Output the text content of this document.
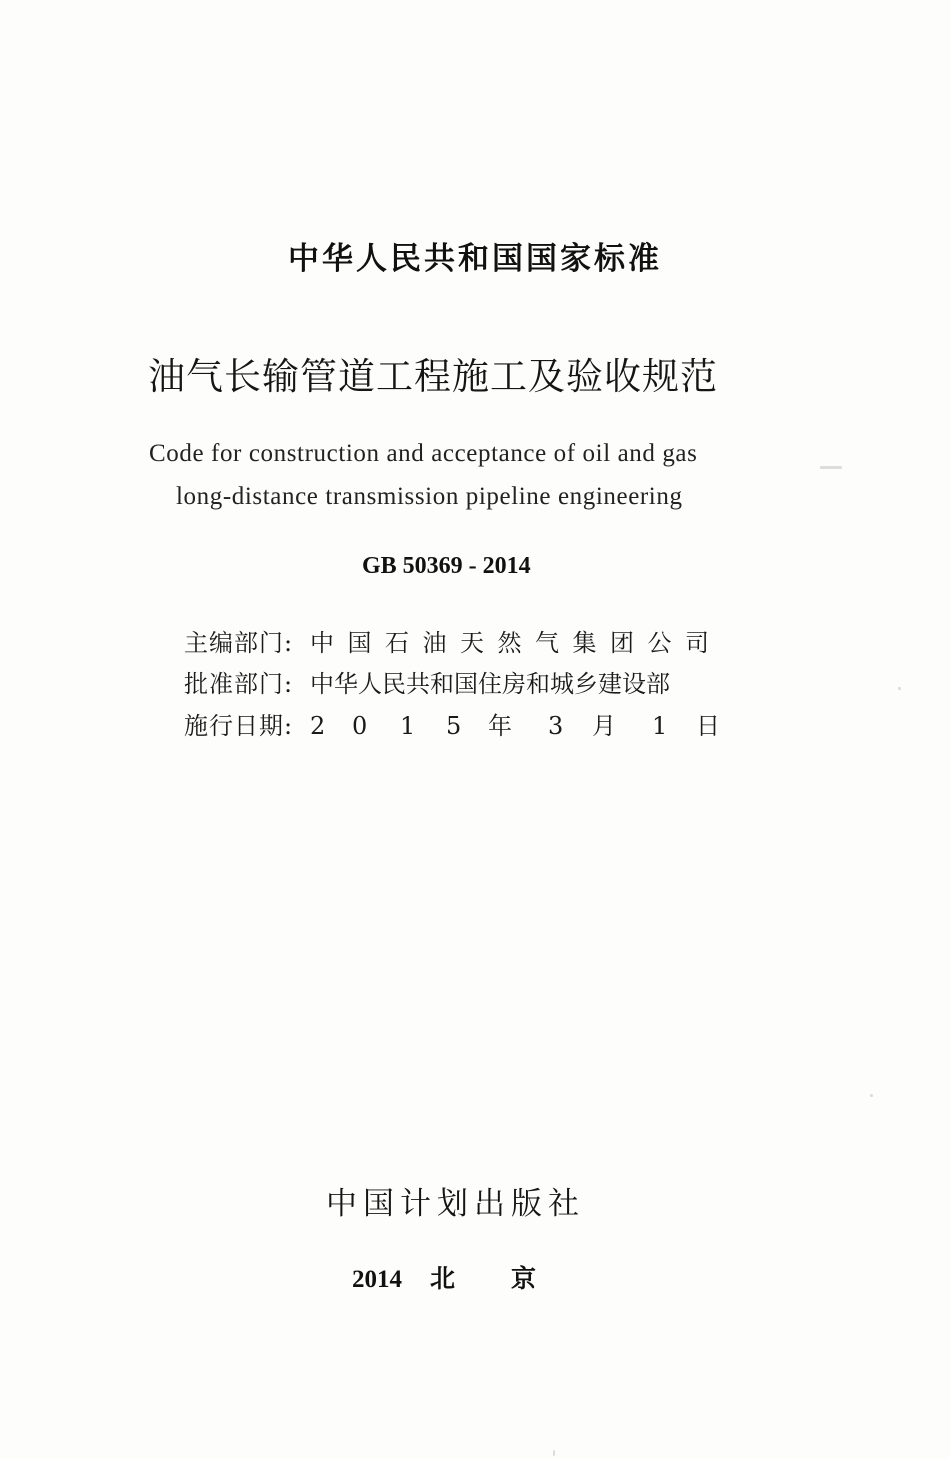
中华人民共和国国家标准
油气长输管道工程施工及验收规范
Code for construction and acceptance of oil and gas
long-distance transmission pipeline engineering
GB 50369 - 2014
主编部门: 中国石油天然气集团公司
批准部门: 中华人民共和国住房和城乡建设部
施行日期: 2 0 1 5 年 3 月 1 日
中国计划出版社
2014 北京
